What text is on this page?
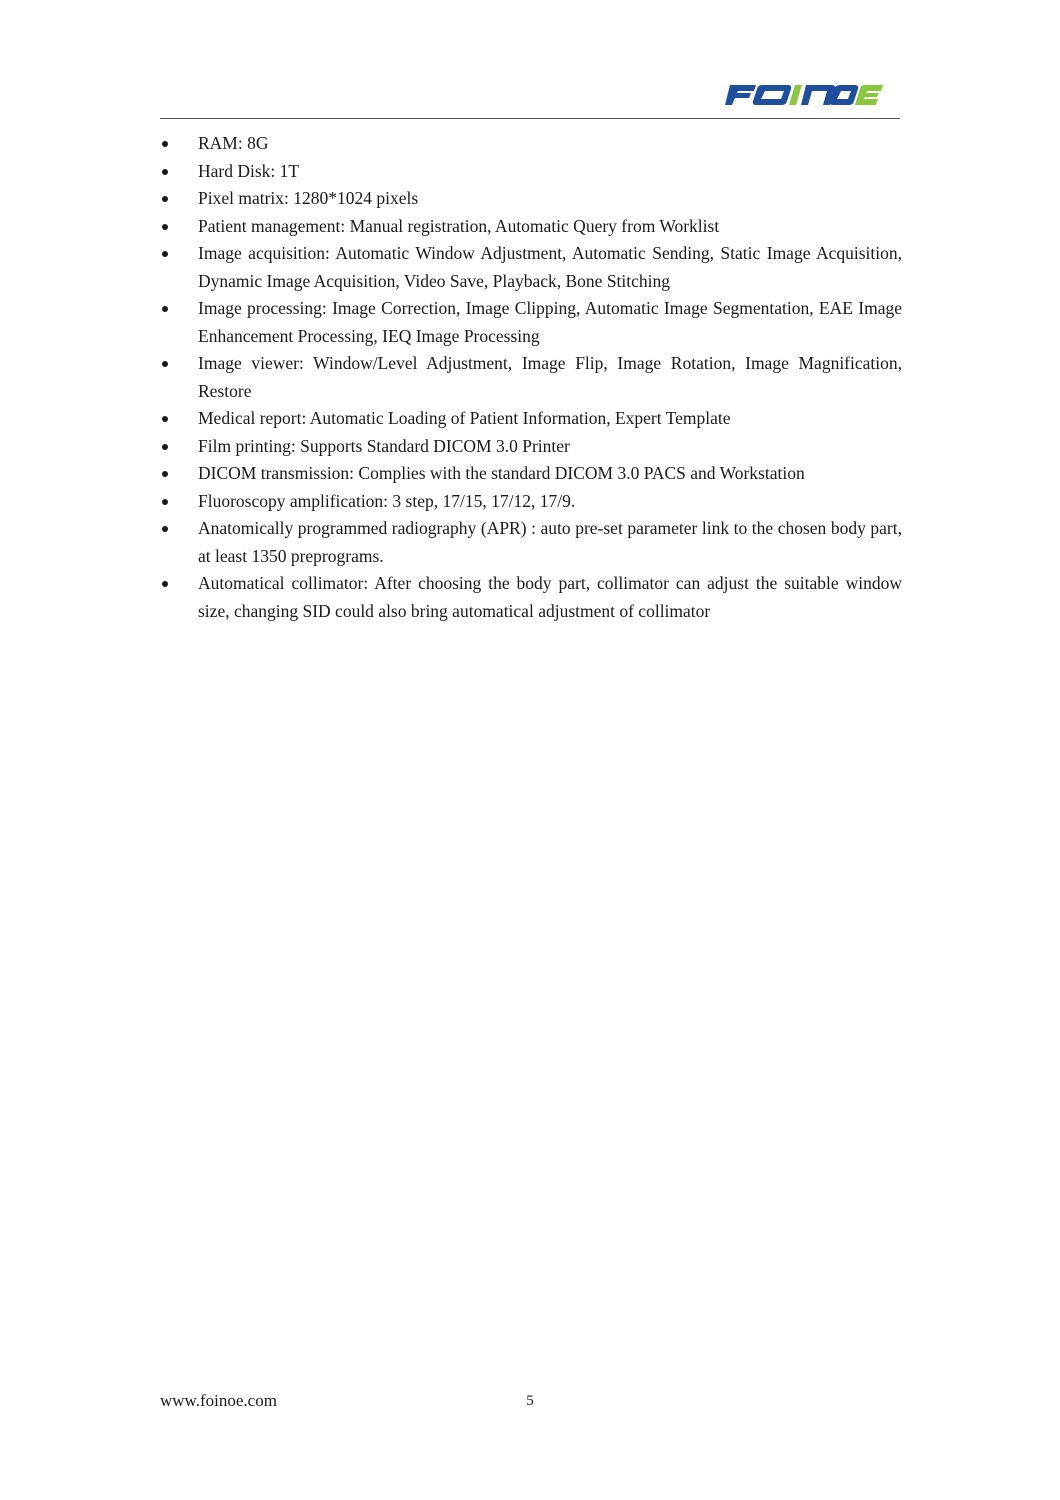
RAM: 8G
Hard Disk: 1T
Pixel matrix: 1280*1024 pixels
Patient management: Manual registration, Automatic Query from Worklist
Image acquisition: Automatic Window Adjustment, Automatic Sending, Static Image Acquisition, Dynamic Image Acquisition, Video Save, Playback, Bone Stitching
Image processing: Image Correction, Image Clipping, Automatic Image Segmentation, EAE Image Enhancement Processing, IEQ Image Processing
Image viewer: Window/Level Adjustment, Image Flip, Image Rotation, Image Magnification, Restore
Medical report: Automatic Loading of Patient Information, Expert Template
Film printing: Supports Standard DICOM 3.0 Printer
DICOM transmission: Complies with the standard DICOM 3.0 PACS and Workstation
Fluoroscopy amplification: 3 step, 17/15, 17/12, 17/9.
Anatomically programmed radiography (APR) : auto pre-set parameter link to the chosen body part, at least 1350 preprograms.
Automatical collimator: After choosing the body part, collimator can adjust the suitable window size, changing SID could also bring automatical adjustment of collimator
www.foinoe.com	5
